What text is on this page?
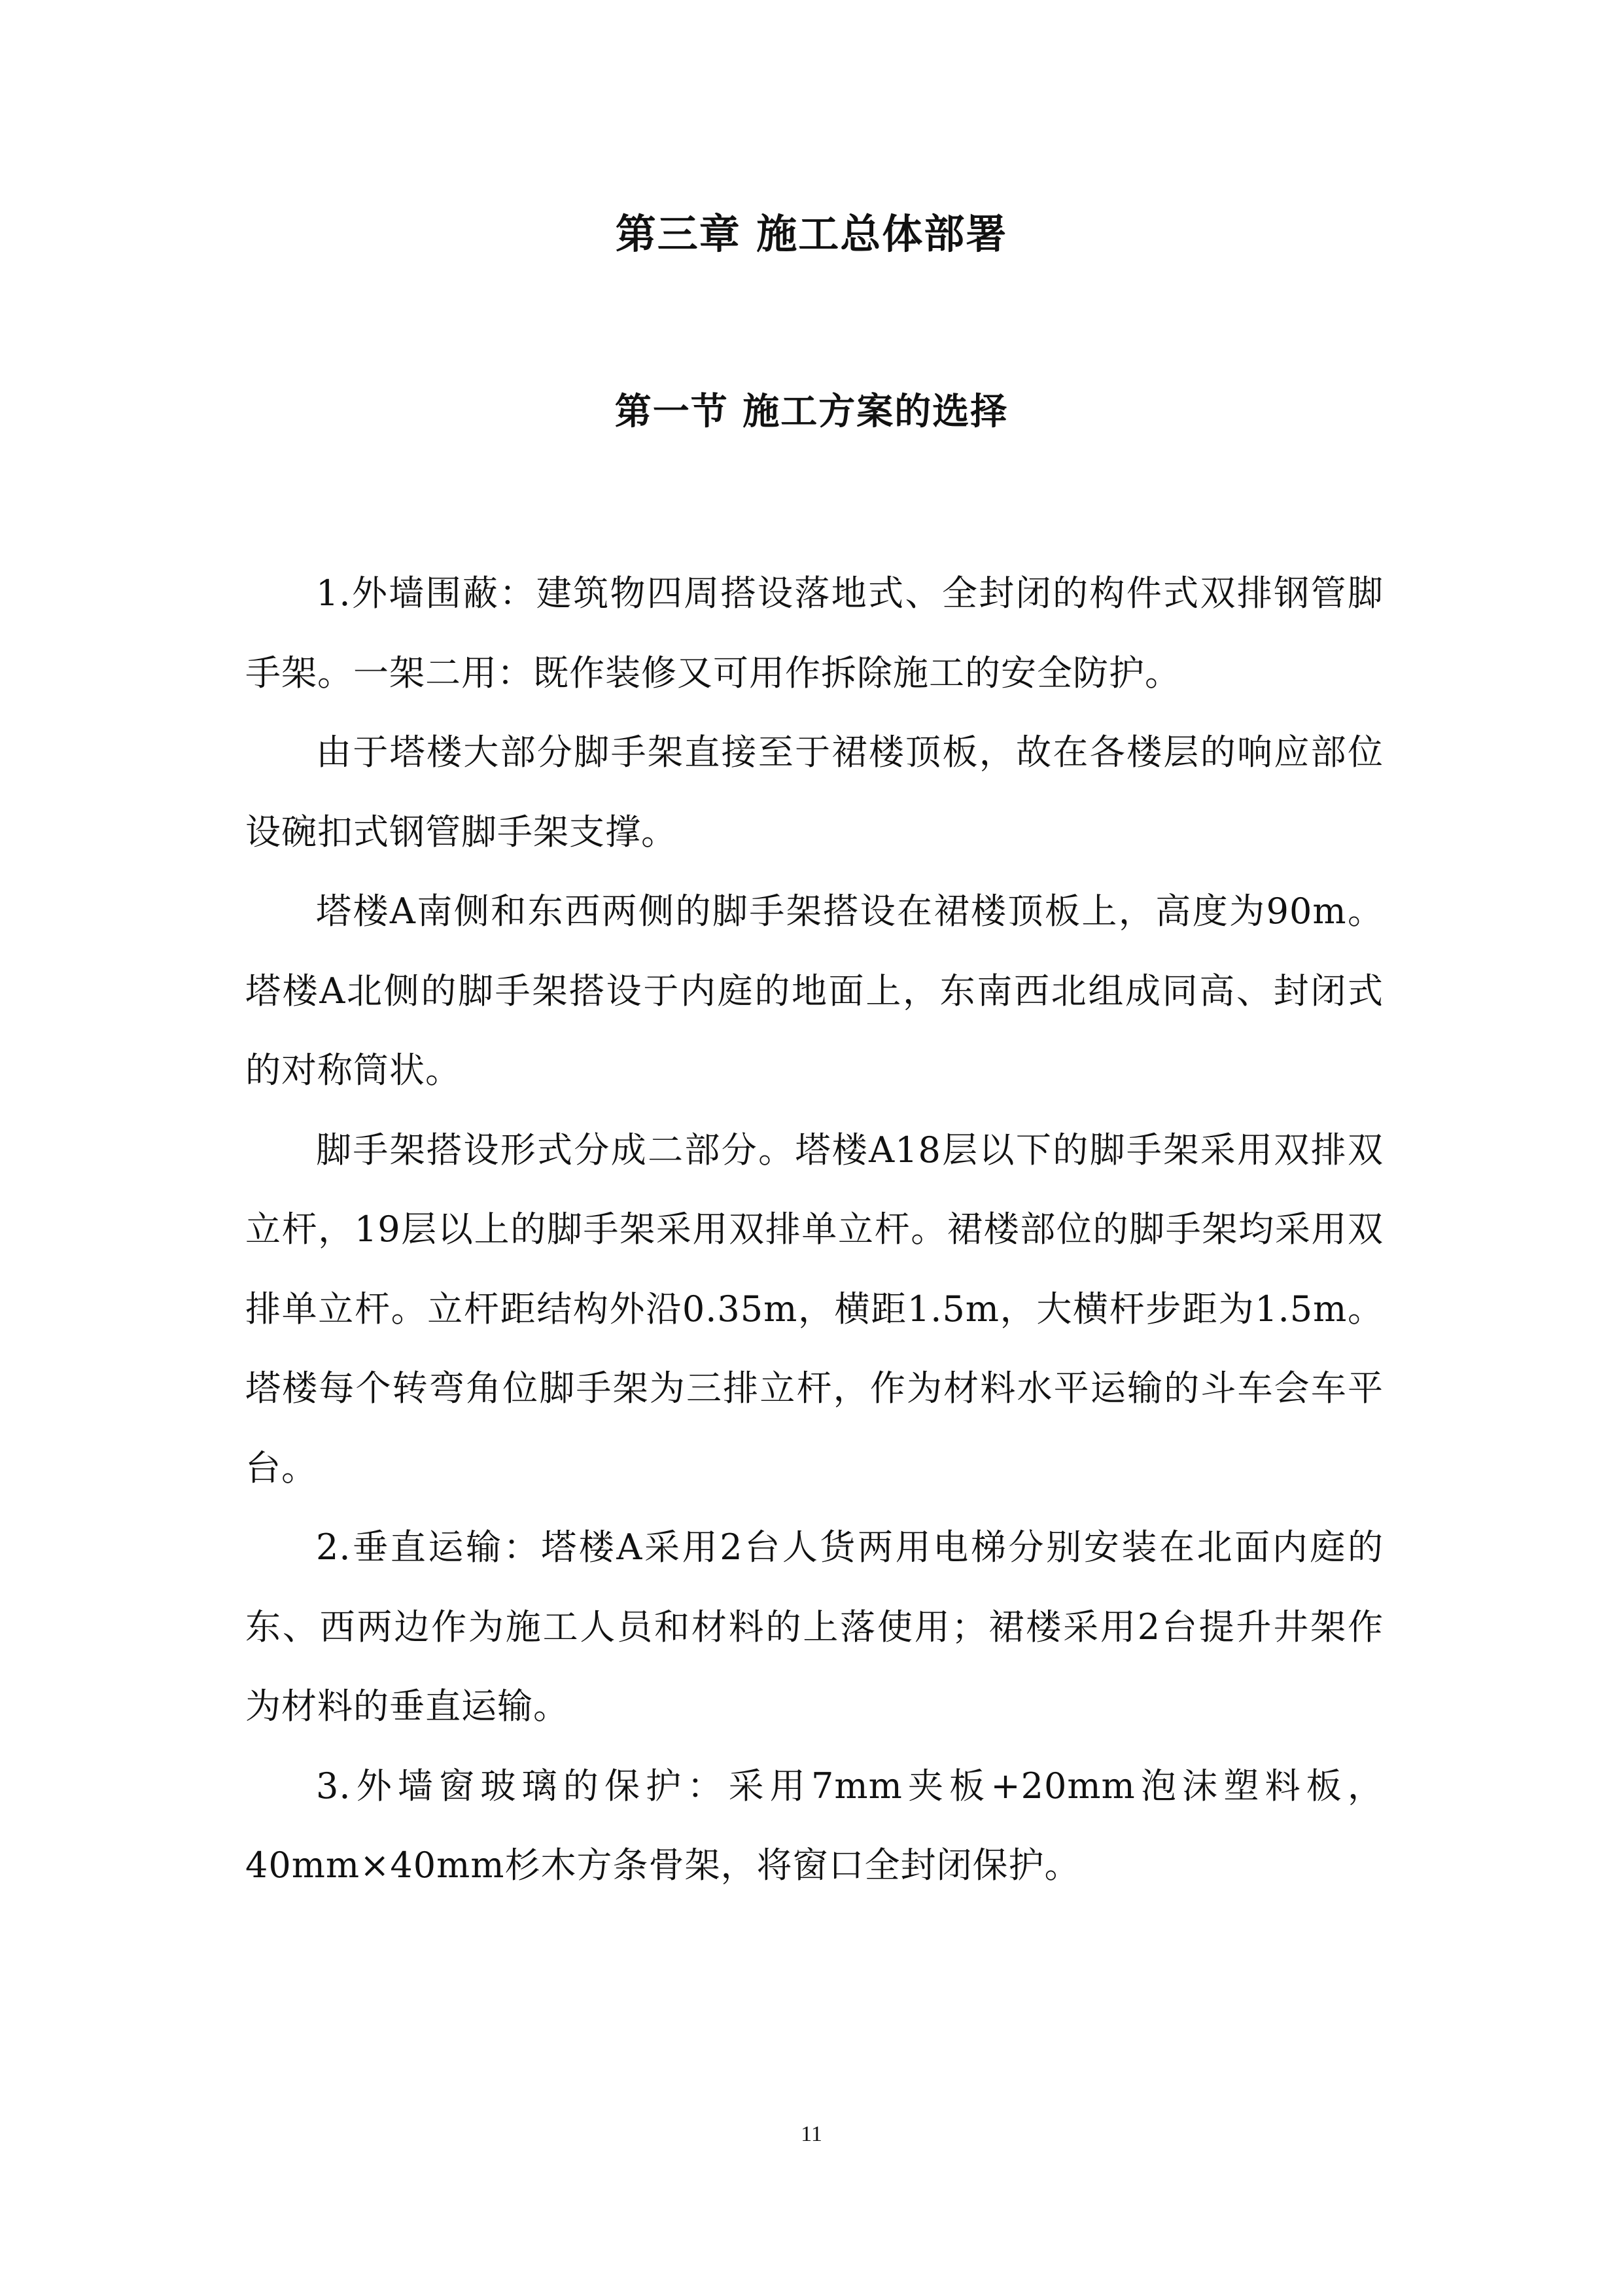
第三章 施工总体部署
第一节 施工方案的选择

1.外墙围蔽：建筑物四周搭设落地式、全封闭的构件式双排钢管脚手架。一架二用：既作装修又可用作拆除施工的安全防护。

由于塔楼大部分脚手架直接至于裙楼顶板，故在各楼层的响应部位设碗扣式钢管脚手架支撑。

塔楼A南侧和东西两侧的脚手架搭设在裙楼顶板上，高度为90m。塔楼A北侧的脚手架搭设于内庭的地面上，东南西北组成同高、封闭式的对称筒状。

脚手架搭设形式分成二部分。塔楼A18层以下的脚手架采用双排双立杆，19层以上的脚手架采用双排单立杆。裙楼部位的脚手架均采用双排单立杆。立杆距结构外沿0.35m，横距1.5m，大横杆步距为1.5m。塔楼每个转弯角位脚手架为三排立杆，作为材料水平运输的斗车会车平台。

2.垂直运输：塔楼A采用2台人货两用电梯分别安装在北面内庭的东、西两边作为施工人员和材料的上落使用；裙楼采用2台提升井架作为材料的垂直运输。

3.外墙窗玻璃的保护：采用7mm夹板+20mm泡沫塑料板，40mm×40mm杉木方条骨架，将窗口全封闭保护。

11
